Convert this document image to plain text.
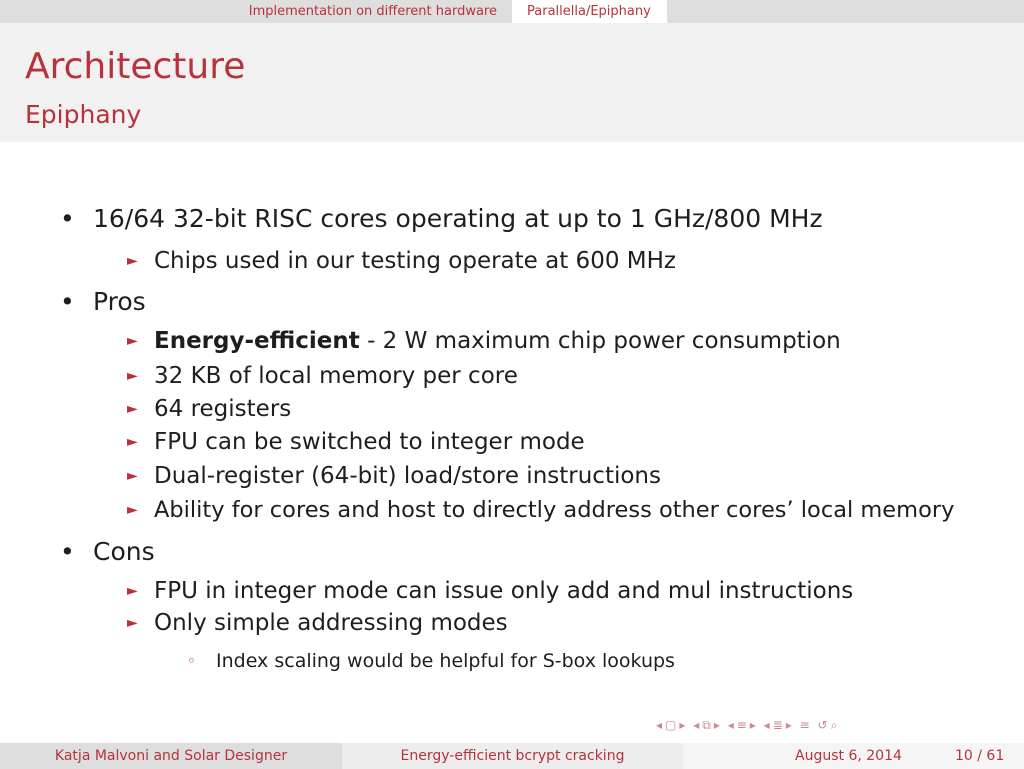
Implementation on different hardware	Parallella/Epiphany
Architecture
Epiphany
• 16/64 32-bit RISC cores operating at up to 1 GHz/800 MHz
► Chips used in our testing operate at 600 MHz
• Pros
► Energy-efficient - 2 W maximum chip power consumption
► 32 KB of local memory per core
► 64 registers
► FPU can be switched to integer mode
► Dual-register (64-bit) load/store instructions
► Ability for cores and host to directly address other cores’ local memory
• Cons
► FPU in integer mode can issue only add and mul instructions
► Only simple addressing modes
◦ Index scaling would be helpful for S-box lookups
◂ ▢ ▸ ◂ ⧉ ▸ ◂ ≡ ▸ ◂ ≣ ▸ ≡ ↺ ⌕
Katja Malvoni and Solar Designer	Energy-efficient bcrypt cracking	August 6, 2014	10 / 61
